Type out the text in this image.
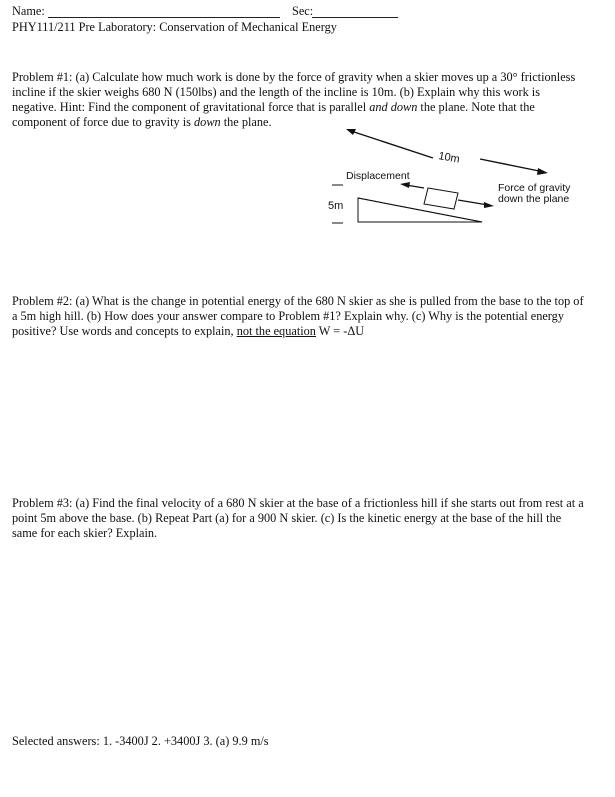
Name:	Sec:
PHY111/211 Pre Laboratory: Conservation of Mechanical Energy
Problem #1: (a) Calculate how much work is done by the force of gravity when a skier moves up a 30° frictionless incline if the skier weighs 680 N (150lbs) and the length of the incline is 10m. (b) Explain why this work is negative. Hint: Find the component of gravitational force that is parallel and down the plane. Note that the component of force due to gravity is down the plane.
10m
Displacement
Force of gravity
down the plane
5m
Problem #2: (a) What is the change in potential energy of the 680 N skier as she is pulled from the base to the top of a 5m high hill. (b) How does your answer compare to Problem #1? Explain why. (c) Why is the potential energy positive? Use words and concepts to explain, not the equation W = -ΔU
Problem #3: (a) Find the final velocity of a 680 N skier at the base of a frictionless hill if she starts out from rest at a point 5m above the base. (b) Repeat Part (a) for a 900 N skier. (c) Is the kinetic energy at the base of the hill the same for each skier? Explain.
Selected answers: 1. -3400J 2. +3400J 3. (a) 9.9 m/s
